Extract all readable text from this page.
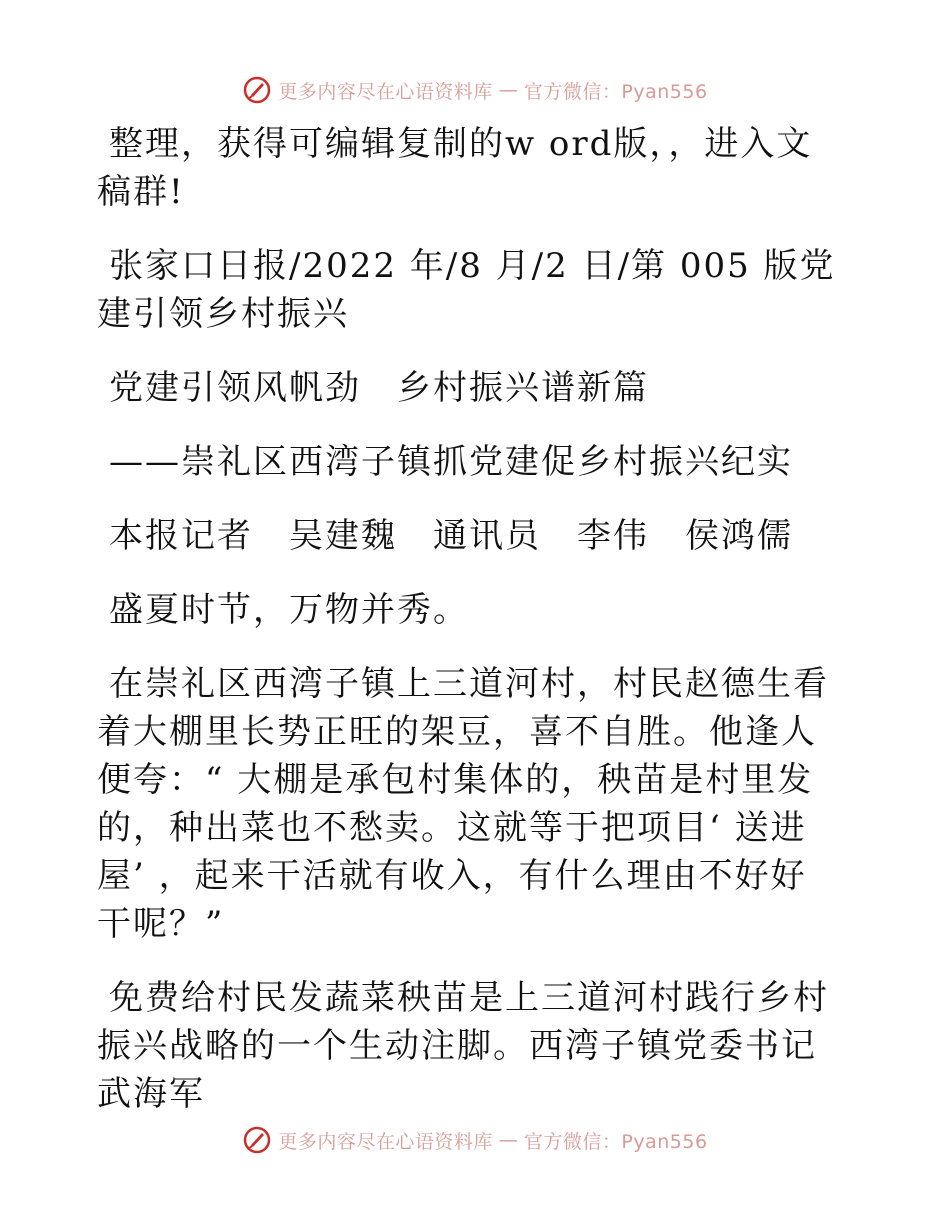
更多内容尽在心语资料库 — 官方微信：Pyan556

整理，获得可编辑复制的w ord版，，进入文稿群!

张家口日报/2022 年/8 月/2 日/第 005 版党建引领乡村振兴

党建引领风帆劲　乡村振兴谱新篇

——崇礼区西湾子镇抓党建促乡村振兴纪实

本报记者　吴建魏　通讯员　李伟　侯鸿儒

盛夏时节，万物并秀。

在崇礼区西湾子镇上三道河村，村民赵德生看着大棚里长势正旺的架豆，喜不自胜。他逢人便夸：“ 大棚是承包村集体的，秧苗是村里发的，种出菜也不愁卖。这就等于把项目‘ 送进屋’ ，起来干活就有收入，有什么理由不好好干呢？”

免费给村民发蔬菜秧苗是上三道河村践行乡村振兴战略的一个生动注脚。西湾子镇党委书记武海军

更多内容尽在心语资料库 — 官方微信：Pyan556
